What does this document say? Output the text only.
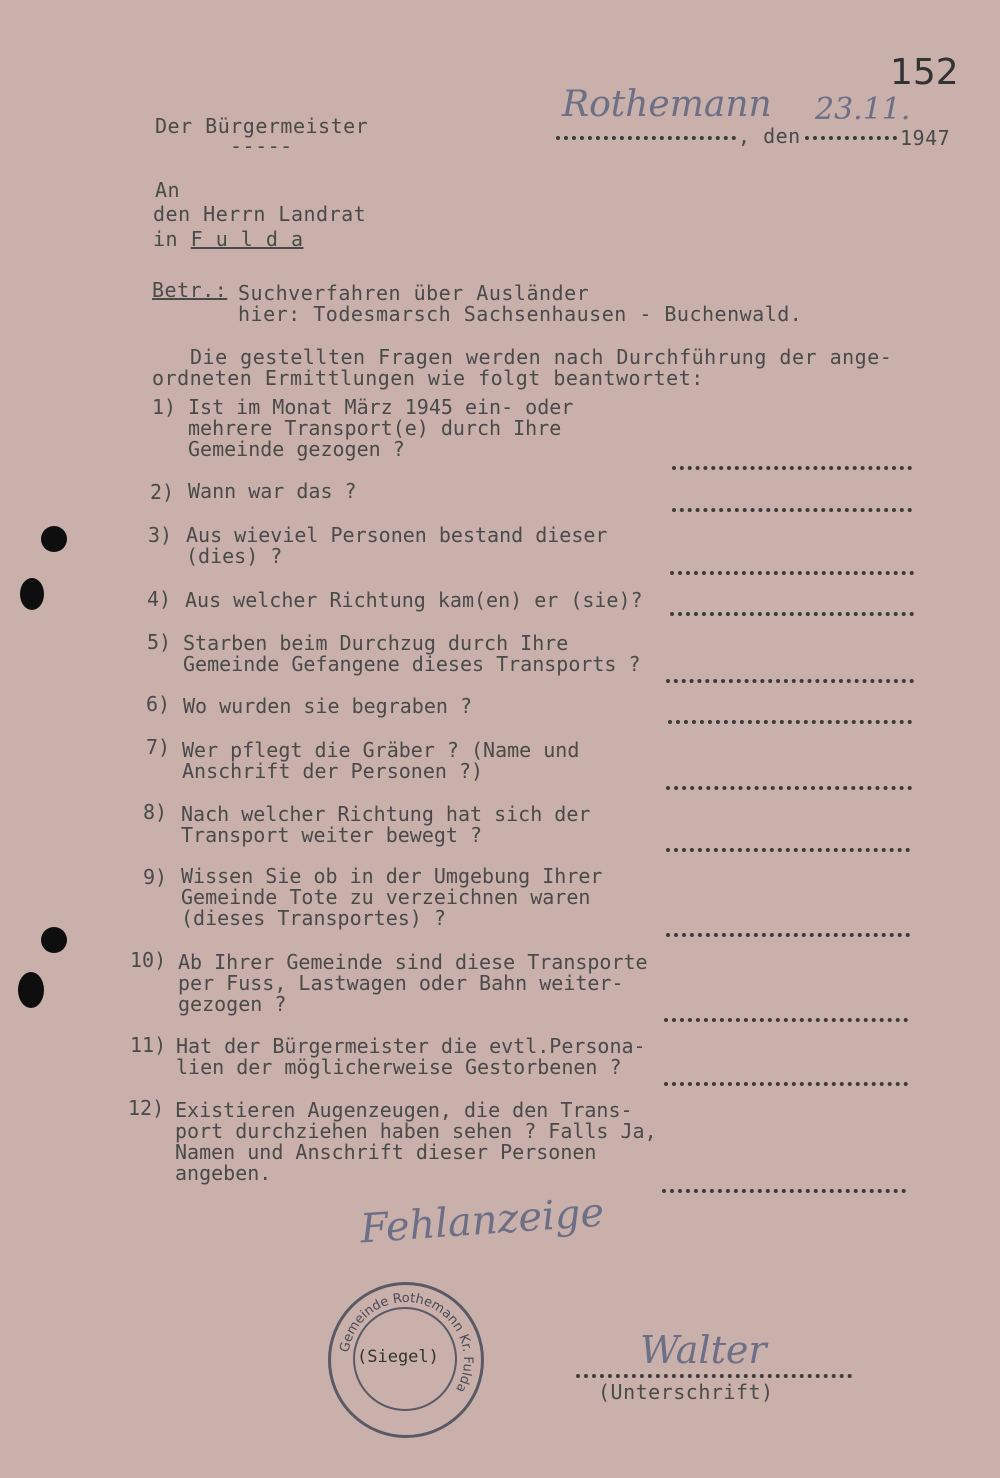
152
Der Bürgermeister
-----
Rothemann
, den
23.11.
1947
An
den Herrn Landrat
in F u l d a
Betr.: Suchverfahren über Ausländer
hier: Todesmarsch Sachsenhausen - Buchenwald.
Die gestellten Fragen werden nach Durchführung der ange-
ordneten Ermittlungen wie folgt beantwortet:
1) Ist im Monat März 1945 ein- oder
mehrere Transport(e) durch Ihre
Gemeinde gezogen ?
2) Wann war das ?
3) Aus wieviel Personen bestand dieser
(dies) ?
4) Aus welcher Richtung kam(en) er (sie)?
5) Starben beim Durchzug durch Ihre
Gemeinde Gefangene dieses Transports ?
6) Wo wurden sie begraben ?
7) Wer pflegt die Gräber ? (Name und
Anschrift der Personen ?)
8) Nach welcher Richtung hat sich der
Transport weiter bewegt ?
9) Wissen Sie ob in der Umgebung Ihrer
Gemeinde Tote zu verzeichnen waren
(dieses Transportes) ?
10) Ab Ihrer Gemeinde sind diese Transporte
per Fuss, Lastwagen oder Bahn weiter-
gezogen ?
11) Hat der Bürgermeister die evtl.Persona-
lien der möglicherweise Gestorbenen ?
12) Existieren Augenzeugen, die den Trans-
port durchziehen haben sehen ? Falls Ja,
Namen und Anschrift dieser Personen
angeben.
Fehlanzeige
Gemeinde Rothemann Kr. Fulda
(Siegel)	Walter
(Unterschrift)
